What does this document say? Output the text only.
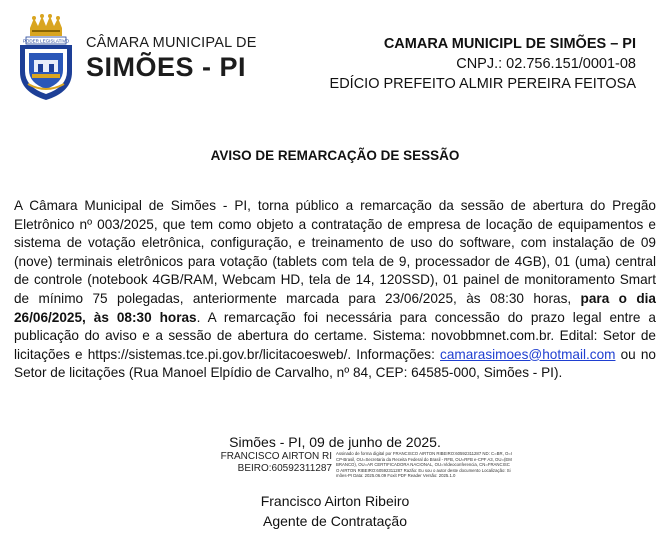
PODER LEGISLATIVO CÂMARA MUNICIPAL DE
SIMÕES - PI
CAMARA MUNICIPL DE SIMÕES – PI
CNPJ.: 02.756.151/0001-08
EDÍCIO PREFEITO ALMIR PEREIRA FEITOSA
AVISO DE REMARCAÇÃO DE SESSÃO
A Câmara Municipal de Simões - PI, torna público a remarcação da sessão de abertura do Pregão Eletrônico nº 003/2025, que tem como objeto a contratação de empresa de locação de equipamentos e sistema de votação eletrônica, configuração, e treinamento de uso do software, com instalação de 09 (nove) terminais eletrônicos para votação (tablets com tela de 9, processador de 4GB), 01 (uma) central de controle (notebook 4GB/RAM, Webcam HD, tela de 14, 120SSD), 01 painel de monitoramento Smart de mínimo 75 polegadas, anteriormente marcada para 23/06/2025, às 08:30 horas, para o dia 26/06/2025, às 08:30 horas. A remarcação foi necessária para concessão do prazo legal entre a publicação do aviso e a sessão de abertura do certame. Sistema: novobbmnet.com.br. Edital: Setor de licitações e https://sistemas.tce.pi.gov.br/licitacoesweb/. Informações: camarasimoes@hotmail.com ou no Setor de licitações (Rua Manoel Elpídio de Carvalho, nº 84, CEP: 64585-000, Simões - PI).
Simões - PI, 09 de junho de 2025.
FRANCISCO AIRTON RIBEIRO:60592311287
Assinado de forma digital por FRANCISCO AIRTON RIBEIRO:60592311287 ND: C=BR, O=ICP-Brasil, OU=Secretaria da Receita Federal do Brasil - RFB, OU=RFB e-CPF A3, OU=(EM BRANCO), OU=AR CERTIFICADORA NACIONAL, OU=Videoconferencia, CN=FRANCISCO AIRTON RIBEIRO:60592311287 Razão: Eu sou o autor deste documento Localização: Simões-PI Data: 2025.06.09 Foxit PDF Reader Versão: 2025.1.0
Francisco Airton Ribeiro
Agente de Contratação
